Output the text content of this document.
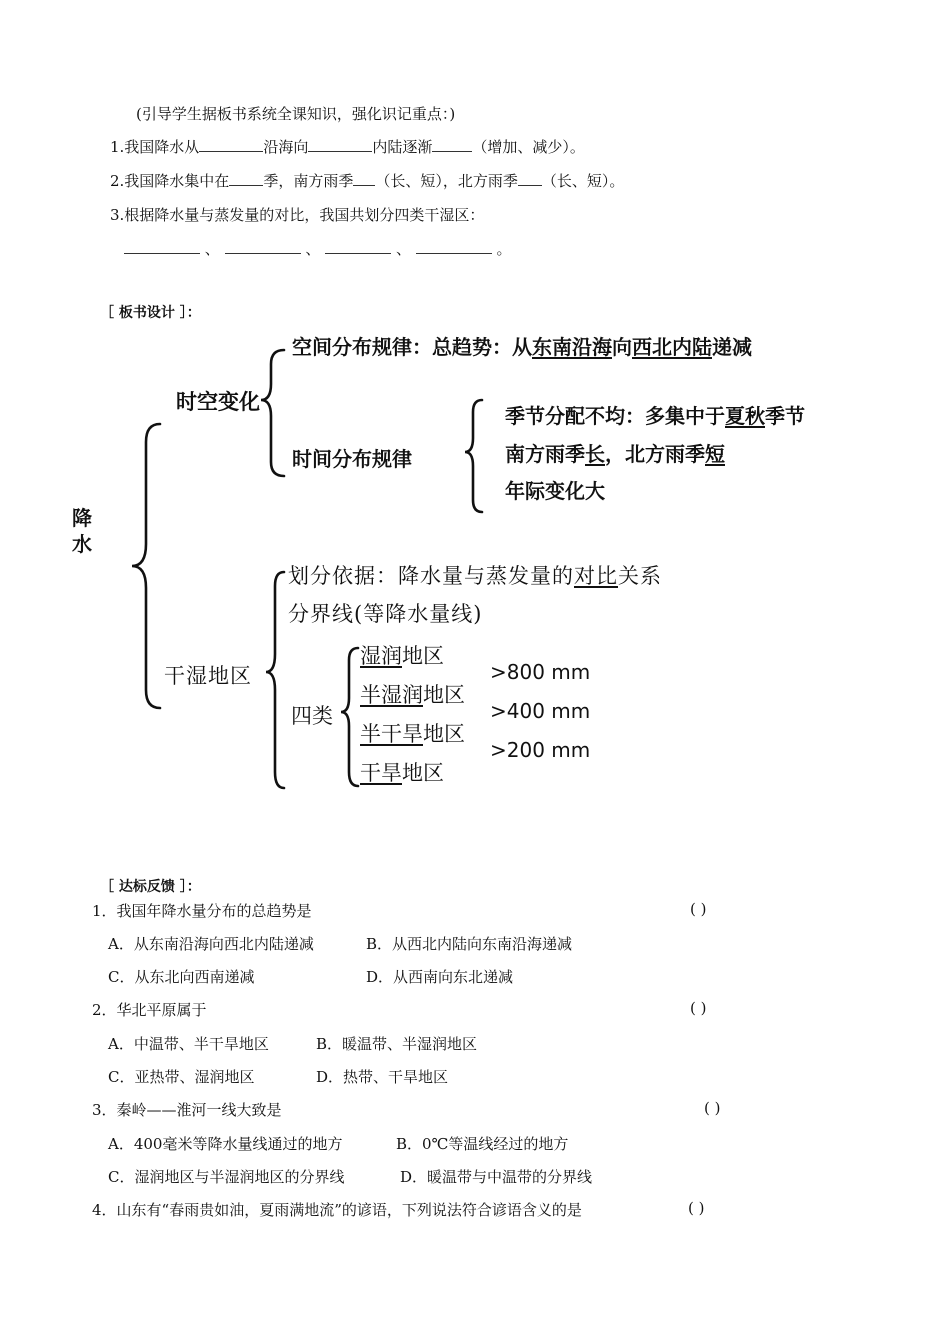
(引导学生据板书系统全课知识，强化识记重点：)
1.我国降水从	沿海向	内陆逐渐	（增加、减少）。
2.我国降水集中在 季，南方雨季 （长、短），北方雨季 （长、短）。
3.根据降水量与蒸发量的对比，我国共划分四类干湿区：
、	、	、	。
［ 板书设计 ］：
降水
时空变化
空间分布规律：总趋势：从东南沿海向西北内陆递减
时间分布规律
季节分配不均：多集中于夏秋季节
南方雨季长，北方雨季短
年际变化大
干湿地区
划分依据：降水量与蒸发量的对比关系
分界线(等降水量线)
四类
湿润地区
半湿润地区
半干旱地区
干旱地区
>800 mm
>400 mm
>200 mm
［ 达标反馈 ］：
1．我国年降水量分布的总趋势是	( )
A．从东南沿海向西北内陆递减	B．从西北内陆向东南沿海递减
C．从东北向西南递减	D．从西南向东北递减
2．华北平原属于	( )
A．中温带、半干旱地区	B．暖温带、半湿润地区
C．亚热带、湿润地区	D．热带、干旱地区
3．秦岭——淮河一线大致是	( )
A．400毫米等降水量线通过的地方	B．0℃等温线经过的地方
C．湿润地区与半湿润地区的分界线	D．暖温带与中温带的分界线
4．山东有“春雨贵如油，夏雨满地流”的谚语，下列说法符合谚语含义的是	( )
